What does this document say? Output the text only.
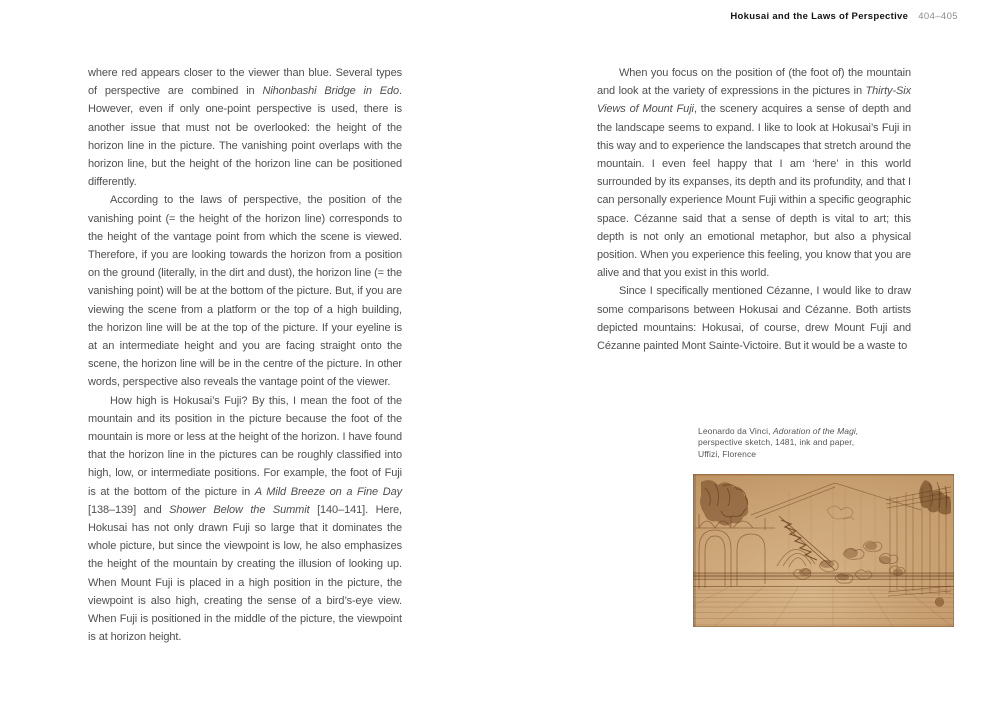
Hokusai and the Laws of Perspective 404–405

where red appears closer to the viewer than blue. Several types of perspective are combined in Nihonbashi Bridge in Edo. However, even if only one-point perspective is used, there is another issue that must not be overlooked: the height of the horizon line in the picture. The vanishing point overlaps with the horizon line, but the height of the horizon line can be positioned differently.

According to the laws of perspective, the position of the vanishing point (= the height of the horizon line) corresponds to the height of the vantage point from which the scene is viewed. Therefore, if you are looking towards the horizon from a position on the ground (literally, in the dirt and dust), the horizon line (= the vanishing point) will be at the bottom of the picture. But, if you are viewing the scene from a platform or the top of a high building, the horizon line will be at the top of the picture. If your eyeline is at an intermediate height and you are facing straight onto the scene, the horizon line will be in the centre of the picture. In other words, perspective also reveals the vantage point of the viewer.

How high is Hokusai’s Fuji? By this, I mean the foot of the mountain and its position in the picture because the foot of the mountain is more or less at the height of the horizon. I have found that the horizon line in the pictures can be roughly classified into high, low, or intermediate positions. For example, the foot of Fuji is at the bottom of the picture in A Mild Breeze on a Fine Day [138–139] and Shower Below the Summit [140–141]. Here, Hokusai has not only drawn Fuji so large that it dominates the whole picture, but since the viewpoint is low, he also emphasizes the height of the mountain by creating the illusion of looking up. When Mount Fuji is placed in a high position in the picture, the viewpoint is also high, creating the sense of a bird’s-eye view. When Fuji is positioned in the middle of the picture, the viewpoint is at horizon height.

When you focus on the position of (the foot of) the mountain and look at the variety of expressions in the pictures in Thirty-Six Views of Mount Fuji, the scenery acquires a sense of depth and the landscape seems to expand. I like to look at Hokusai’s Fuji in this way and to experience the landscapes that stretch around the mountain. I even feel happy that I am ‘here’ in this world surrounded by its expanses, its depth and its profundity, and that I can personally experience Mount Fuji within a specific geographic space. Cézanne said that a sense of depth is vital to art; this depth is not only an emotional metaphor, but also a physical position. When you experience this feeling, you know that you are alive and that you exist in this world.

Since I specifically mentioned Cézanne, I would like to draw some comparisons between Hokusai and Cézanne. Both artists depicted mountains: Hokusai, of course, drew Mount Fuji and Cézanne painted Mont Sainte-Victoire. But it would be a waste to

Leonardo da Vinci, Adoration of the Magi,
perspective sketch, 1481, ink and paper,
Uffizi, Florence
